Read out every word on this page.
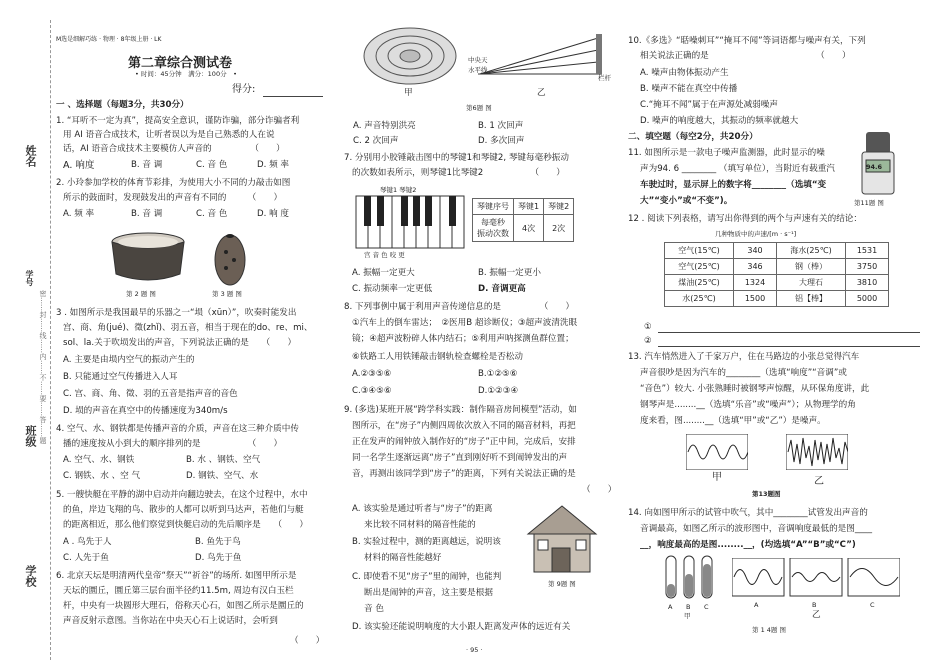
姓名
学号
班级
学校
密……封……线……内……不……要……答……题
M选是细解巧练 · 物理 · 8年级上册 · LK
第二章综合测试卷
• 时间：45分钟　满分：100分　•
得分:
一 、选择题（每题3分，共30分）
1. “耳听不一定为真”，提高安全意识，谨防诈骗，部分诈骗者利
用 AI 语音合成技术，让听者误以为是自己熟悉的人在说
话，AI 语音合成技术主要模仿人声音的　　　　　（　　）
A. 响度	B. 音 调	C. 音 色	D. 频 率
2. 小玲参加学校的体育节彩排，为使用大小不同的力敲击如图
所示的鼓面时，发现鼓发出的声音有不同的　　　（　　）
A. 频 率	B. 音 调	C. 音 色	D. 响 度
第 2 题 图	第 3 题 图
3 . 如图所示是我国最早的乐器之一“埙（xūn）”，吹奏时能发出
宫、商、角(jué)、徵(zhǐ)、羽五音，相当于现在的do、re、mi、
sol、la.关于吹埙发出的声音，下列说法正确的是　　（　　）
A. 主要是由埙内空气的振动产生的
B. 只能通过空气传播进入人耳
C. 宫、商、角、徵、羽的五音是指声音的音色
D. 埙的声音在真空中的传播速度为340m/s
4. 空气、水、钢铁都是传播声音的介质，声音在这三种介质中传
播的速度按从小到大的顺序排列的是　　　　　　（　　）
A. 空气、水、钢铁	B. 水 、钢铁、空气
C. 钢铁、水 、空 气	D. 钢铁、空气、水
5. 一艘快艇在平静的湖中启动并向翻边驶去，在这个过程中，水中
的鱼，岸边飞翔的鸟、散步的人都可以听到马达声，若他们与艇
的距离相近，那么他们察觉到快艇启动的先后顺序是　　（　　）
A . 鸟先于人	B. 鱼先于鸟
C. 人先于鱼	D. 鸟先于鱼
6. 北京天坛是明清两代皇帝“祭天”“祈谷”的场所. 如图甲所示是
天坛的圜丘，圜丘第三层台面半径约11.5m, 周边有汉白玉栏
杆，中央有一块圆形大理石，俗称天心石，如图乙所示是圜丘的
声音反射示意图。当你站在中央天心石上说话时，会听到
（　　）
中央天
水平线
栏杆
甲	乙
第6题 图
A. 声音特别洪亮	B. 1 次回声
C. 2 次回声	D. 多次回声
7. 分别用小胶锤敲击图中的琴键1和琴键2, 琴键每毫秒振动
的次数如表所示，则琴键1比琴键2　　　　　　（　　）
琴键1 琴键2
宫 音 色 咬 更
琴键序号	琴键1	琴键2
每毫秒
振动次数	4次	2次
A. 振幅一定更大	B. 振幅一定更小
C. 振动频率一定更低	D. 音调更高
8. 下列事例中属于利用声音传递信息的是　　　　　（　　）
①汽车上的倒车雷达；　②医用B 超诊断仪；③超声波清洗眼
镜；④超声波粉碎人体内结石；⑤利用声呐探测鱼群位置；
⑥铁路工人用铁锤敲击钢轨检查螺栓是否松动
A.②③⑤⑥	B.①②⑤⑥
C.③④⑤⑥	D.①②③④
9. (多选)某班开展“跨学科实践：制作隔音房间模型”活动，如
图所示，在“房子”内侧四周依次放入不同的隔音材料，再把
正在发声的闹钟放入制作好的“房子”正中间，完成后，安排
同一名学生逐渐远离“房子”直到刚好听不到闹钟发出的声
音，再测出该同学到“房子”的距离，下列有关说法正确的是
（　　）
A. 该实验是通过听者与“房子”的距离
来比较不同材料的隔音性能的
B. 实验过程中，测的距离越远，说明该
材料的隔音性能越好
C. 即使看不见“房子”里的闹钟，也能判
断出是闹钟的声音，这主要是根据
音 色
D. 该实验还能说明响度的大小跟人距离发声体的远近有关
第 9题 图
· 95 ·
10.《多选》“聒噪刺耳”“掩耳不闻”等词语都与噪声有关，下列
相关说法正确的是　　　　　　　　　　　　　（　　）
A. 噪声由物体振动产生
B. 噪声不能在真空中传播
C.“掩耳不闻”属于在声源处减弱噪声
D. 噪声的响度越大，其振动的频率就越大
二、填空题（每空2分，共20分）
11. 如图所示是一款电子噪声监测器，此时显示的噪
声为94. 6 ________ （填写单位），当附近有载重汽
车驶过时，显示屏上的数字将________（选填“变
大”“变小”或“不变”)。
94.6
第11题 图
12 . 阅读下列表格，请写出你得到的两个与声速有关的结论：
几种物质中的声速/[m · s⁻¹]
空气(15℃)	340	海水(25℃)	1531
空气(25℃)	346	钢（棒）	3750
煤油(25℃)	1324	大理石	3810
水(25℃)	1500	铝【棒】	5000
①
②
13. 汽车悄然进入了千家万户，住在马路边的小张总觉得汽车
声音很吵是因为汽车的________（选填“响度”“音调”或
“音色”）较大. 小张熟睡时被钢琴声惊醒，从环保角度讲，此
钢琴声是........__（选填“乐音”或“噪声”）；从物理学的角
度来看，图........__（选填“甲”或“乙”）是噪声。
甲	乙
第13题图
14. 向如图甲所示的试管中吹气，其中________试管发出声音的
音调最高，如图乙所示的波形图中，音调响度最低的是图____
__，响度最高的是图........__，(均选填“A”“B”或“C”)
A B C
甲
A	B	C
乙
第 1 4题 图
